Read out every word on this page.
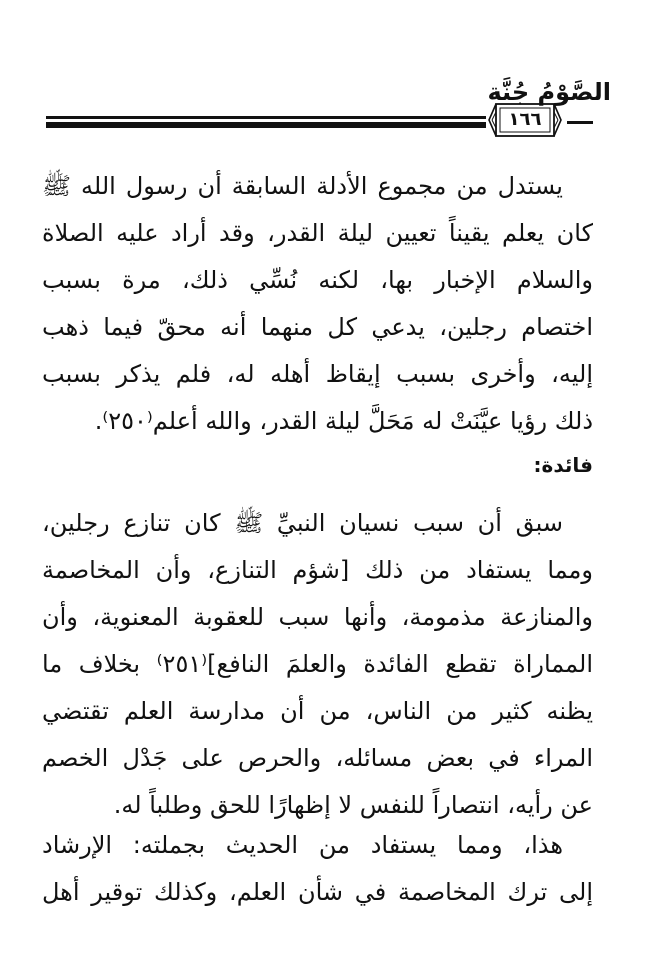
الصَّوْمُ جُنَّة
١٦٦
يستدل من مجموع الأدلة السابقة أن رسول الله ﷺ
كان يعلم يقيناً تعيين ليلة القدر، وقد أراد عليه الصلاة
والسلام الإخبار بها، لكنه نُسِّي ذلك، مرة بسبب
اختصام رجلين، يدعي كل منهما أنه محقّ فيما ذهب
إليه، وأخرى بسبب إيقاظ أهله له، فلم يذكر بسبب
ذلك رؤيا عيَّنَتْ له مَحَلَّ ليلة القدر، والله أعلم⁽٢٥٠⁾.
فائدة:
سبق أن سبب نسيان النبيِّ ﷺ كان تنازع رجلين،
ومما يستفاد من ذلك [شؤم التنازع، وأن المخاصمة
والمنازعة مذمومة، وأنها سبب للعقوبة المعنوية، وأن
المماراة تقطع الفائدة والعلمَ النافع]⁽٢٥١⁾ بخلاف ما
يظنه كثير من الناس، من أن مدارسة العلم تقتضي
المراء في بعض مسائله، والحرص على جَدْل الخصم
عن رأيه، انتصاراً للنفس لا إظهارًا للحق وطلباً له.
هذا، ومما يستفاد من الحديث بجملته: الإرشاد
إلى ترك المخاصمة في شأن العلم، وكذلك توقير أهل
